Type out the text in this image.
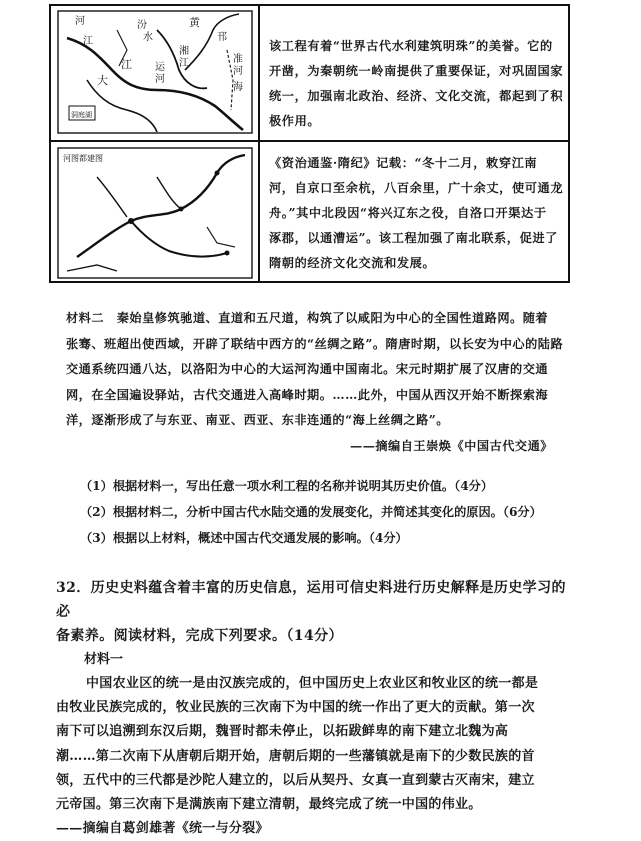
河
江
汾
水
黄
邗
大
江 运
河
海
洞庭湖
湘
江	准
河
河图都建图
该工程有着“世界古代水利建筑明珠”的美誉。它的
开凿，为秦朝统一岭南提供了重要保证，对巩固国家
统一，加强南北政治、经济、文化交流，都起到了积
极作用。
《资治通鉴·隋纪》记载：“冬十二月，敕穿江南
河，自京口至余杭，八百余里，广十余丈，使可通龙
舟。”其中北段因“将兴辽东之役，自洛口开渠达于
涿郡，以通漕运”。该工程加强了南北联系，促进了
隋朝的经济文化交流和发展。
材料二　秦始皇修筑驰道、直道和五尺道，构筑了以咸阳为中心的全国性道路网。随着
张骞、班超出使西域，开辟了联结中西方的“丝绸之路”。隋唐时期，以长安为中心的陆路
交通系统四通八达，以洛阳为中心的大运河沟通中国南北。宋元时期扩展了汉唐的交通
网，在全国遍设驿站，古代交通进入高峰时期。……此外，中国从西汉开始不断探索海
洋，逐渐形成了与东亚、南亚、西亚、东非连通的“海上丝绸之路”。
——摘编自王崇焕《中国古代交通》
（1）根据材料一，写出任意一项水利工程的名称并说明其历史价值。（4分）
（2）根据材料二，分析中国古代水陆交通的发展变化，并简述其变化的原因。（6分）
（3）根据以上材料，概述中国古代交通发展的影响。（4分）
32．历史史料蕴含着丰富的历史信息，运用可信史料进行历史解释是历史学习的必
备素养。阅读材料，完成下列要求。（14分）
材料一
中国农业区的统一是由汉族完成的，但中国历史上农业区和牧业区的统一都是
由牧业民族完成的，牧业民族的三次南下为中国的统一作出了更大的贡献。第一次
南下可以追溯到东汉后期，魏晋时都未停止，以拓跋鲜卑的南下建立北魏为高
潮……第二次南下从唐朝后期开始，唐朝后期的一些藩镇就是南下的少数民族的首
领，五代中的三代都是沙陀人建立的，以后从契丹、女真一直到蒙古灭南宋，建立
元帝国。第三次南下是满族南下建立清朝，最终完成了统一中国的伟业。
——摘编自葛剑雄著《统一与分裂》
